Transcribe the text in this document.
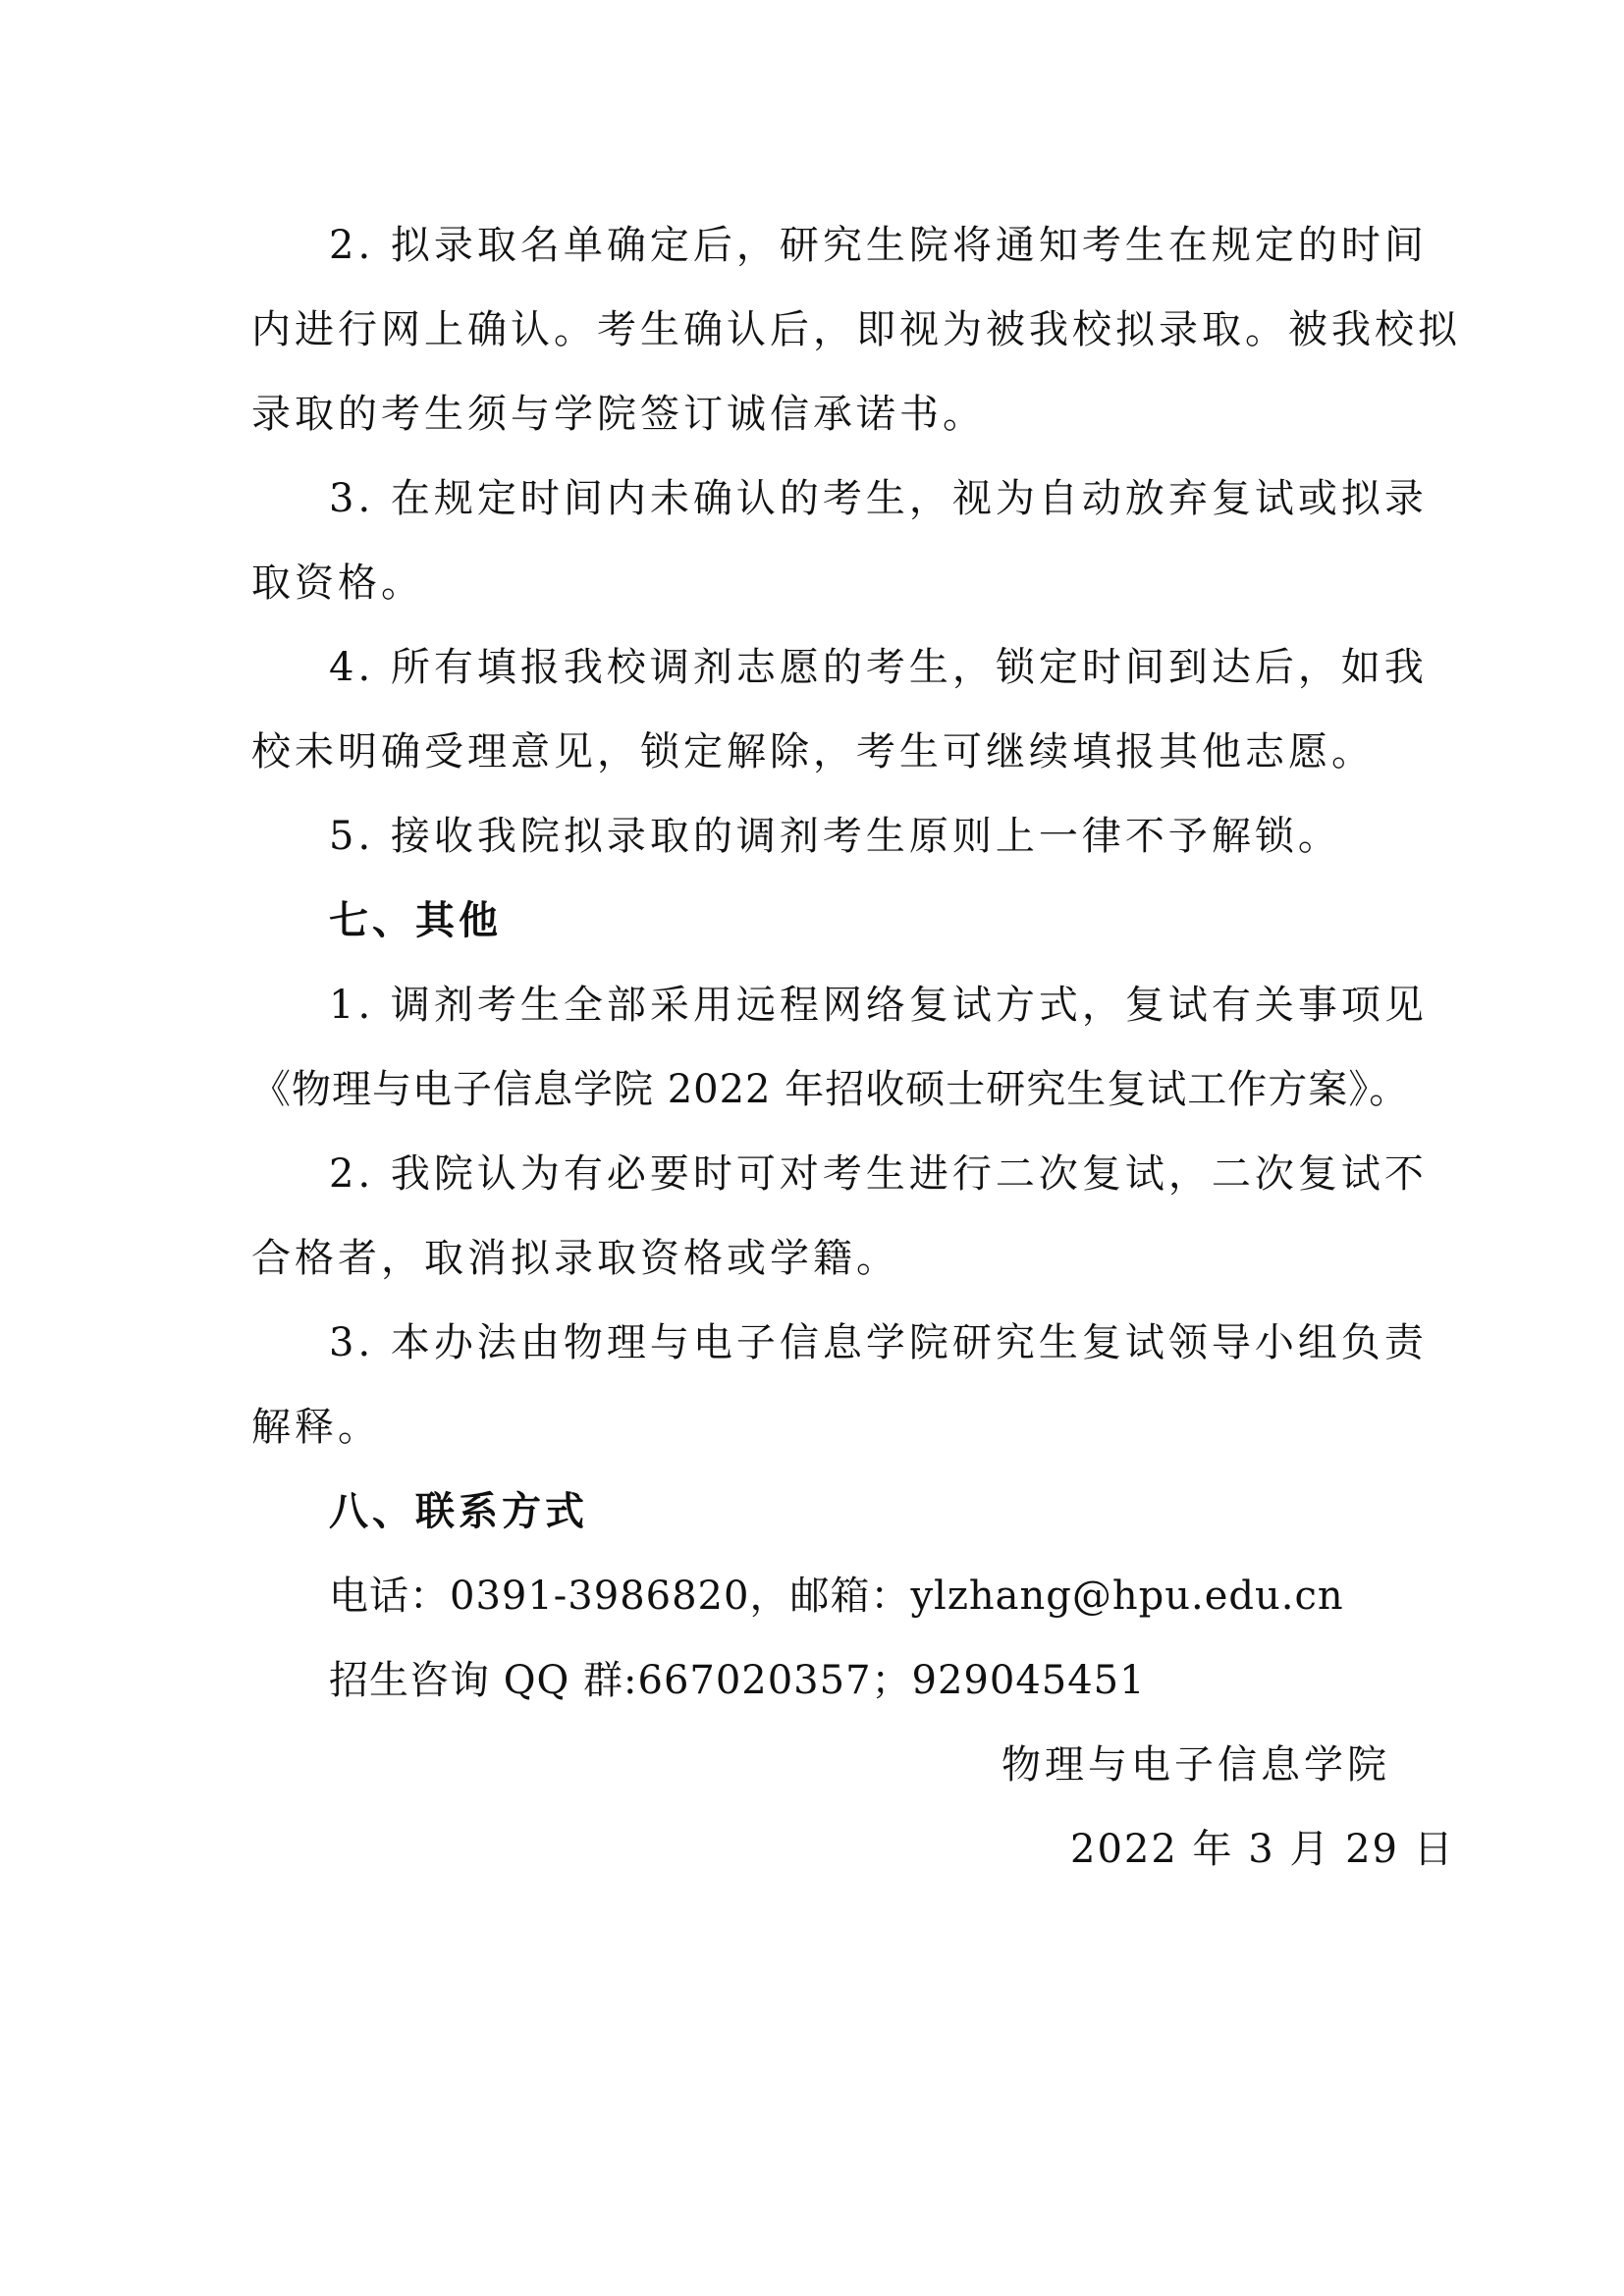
2. 拟录取名单确定后，研究生院将通知考生在规定的时间
内进行网上确认。考生确认后，即视为被我校拟录取。被我校拟
录取的考生须与学院签订诚信承诺书。
3. 在规定时间内未确认的考生，视为自动放弃复试或拟录
取资格。
4. 所有填报我校调剂志愿的考生，锁定时间到达后，如我
校未明确受理意见，锁定解除，考生可继续填报其他志愿。
5. 接收我院拟录取的调剂考生原则上一律不予解锁。
七、其他
1. 调剂考生全部采用远程网络复试方式，复试有关事项见
《物理与电子信息学院 2022 年招收硕士研究生复试工作方案》。
2. 我院认为有必要时可对考生进行二次复试，二次复试不
合格者，取消拟录取资格或学籍。
3. 本办法由物理与电子信息学院研究生复试领导小组负责
解释。
八、联系方式
电话：0391-3986820，邮箱：ylzhang@hpu.edu.cn
招生咨询 QQ 群:667020357；929045451
物理与电子信息学院
2022 年 3 月 29 日
